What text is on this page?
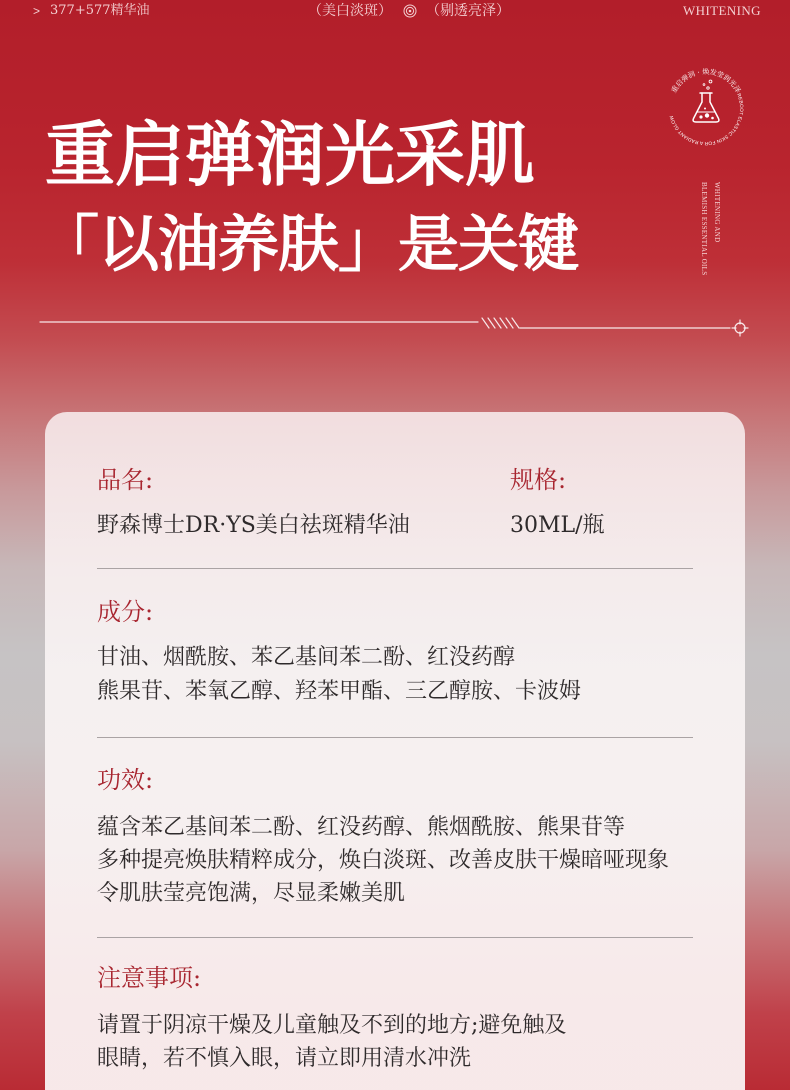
> 377+577精华油	（美白淡斑） （剔透亮泽）	WHITENING
重启弹润光采肌
「以油养肤」是关键
重启弹润 · 焕发莹润光泽
REBOOT ELASTIC SKIN FOR A RADIANT GLOW
WHITENING AND
BLEMISH ESSENTIAL OILS
品名:
野森博士DR·YS美白祛斑精华油
规格:
30ML/瓶
成分:
甘油、烟酰胺、苯乙基间苯二酚、红没药醇
熊果苷、苯氧乙醇、羟苯甲酯、三乙醇胺、卡波姆
功效:
蕴含苯乙基间苯二酚、红没药醇、熊烟酰胺、熊果苷等
多种提亮焕肤精粹成分，焕白淡斑、改善皮肤干燥暗哑现象
令肌肤莹亮饱满，尽显柔嫩美肌
注意事项:
请置于阴凉干燥及儿童触及不到的地方;避免触及
眼睛，若不慎入眼，请立即用清水冲洗
